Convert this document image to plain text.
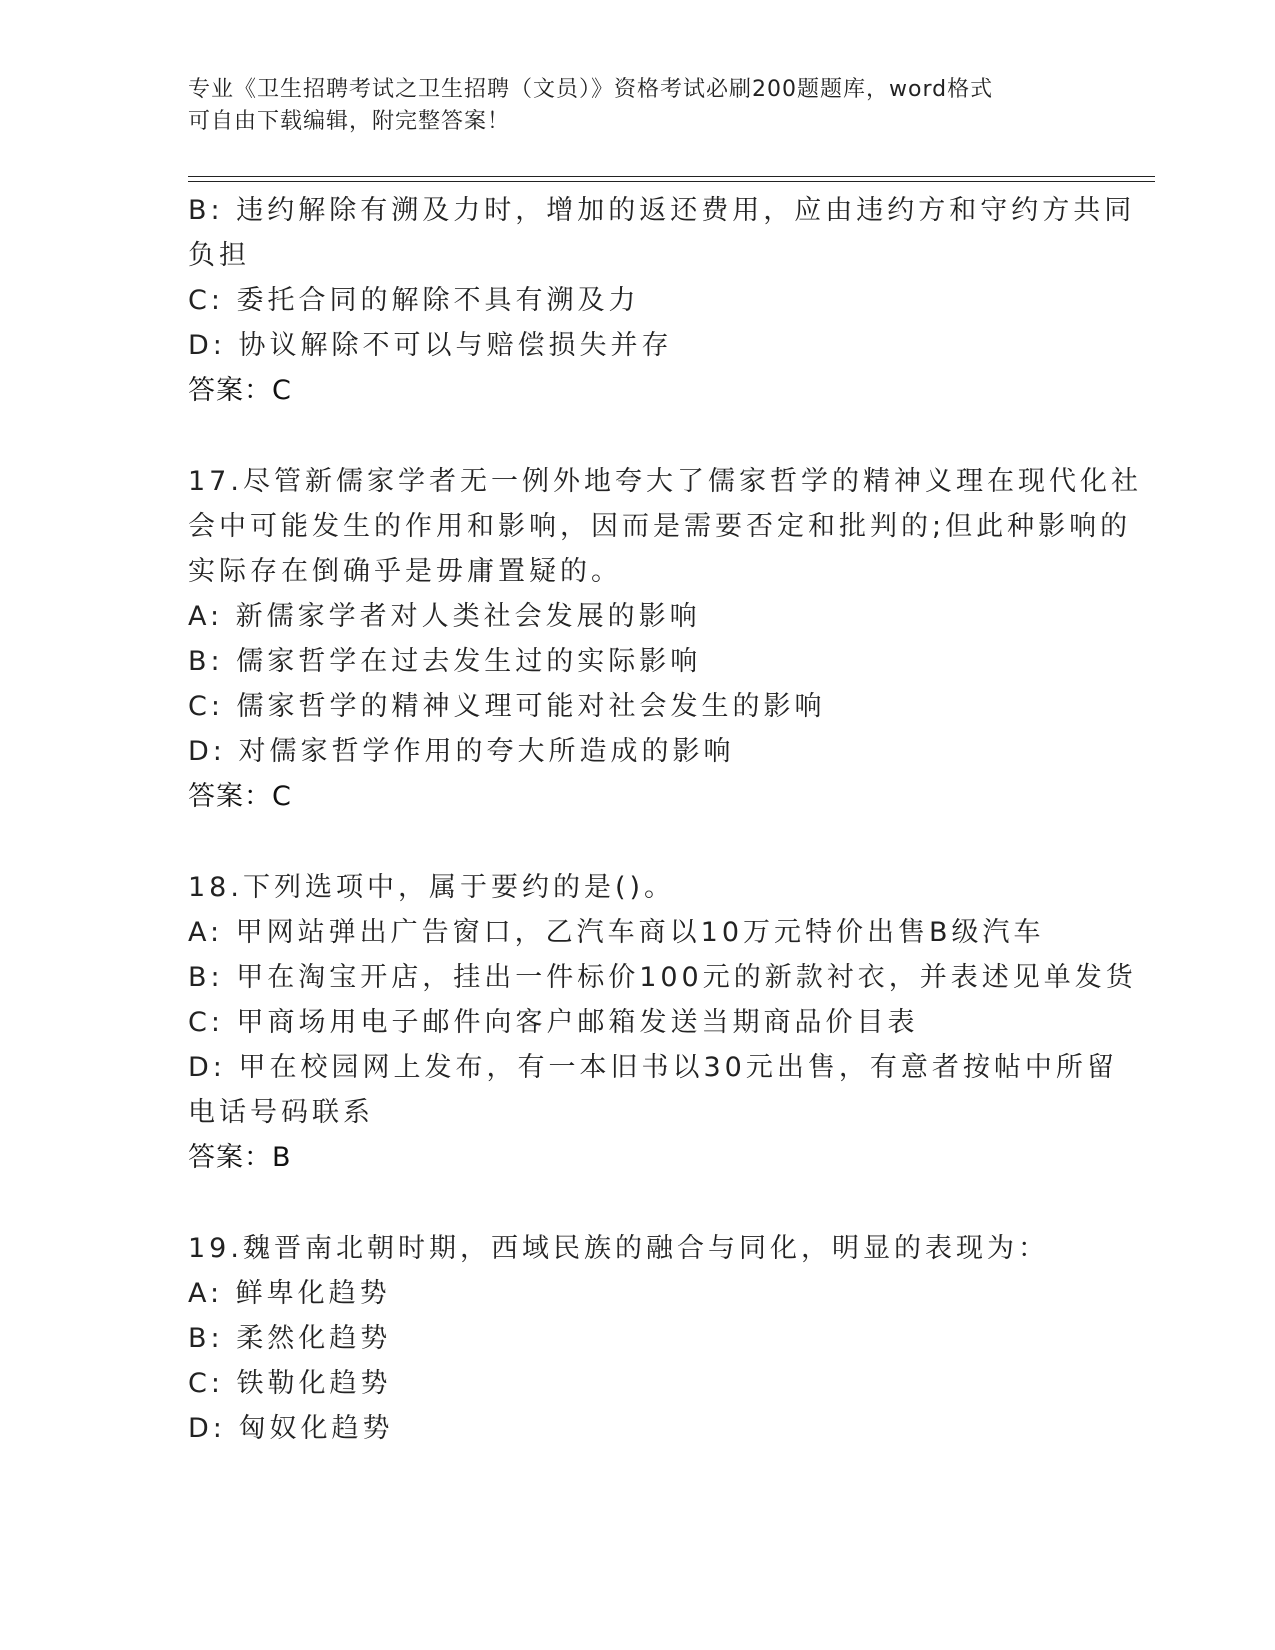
专业《卫生招聘考试之卫生招聘（文员）》资格考试必刷200题题库，word格式
可自由下载编辑，附完整答案！
B: 违约解除有溯及力时，增加的返还费用，应由违约方和守约方共同
负担
C: 委托合同的解除不具有溯及力
D: 协议解除不可以与赔偿损失并存
答案：C
17.尽管新儒家学者无一例外地夸大了儒家哲学的精神义理在现代化社
会中可能发生的作用和影响，因而是需要否定和批判的;但此种影响的
实际存在倒确乎是毋庸置疑的。
A: 新儒家学者对人类社会发展的影响
B: 儒家哲学在过去发生过的实际影响
C: 儒家哲学的精神义理可能对社会发生的影响
D: 对儒家哲学作用的夸大所造成的影响
答案：C
18.下列选项中，属于要约的是()。
A: 甲网站弹出广告窗口，乙汽车商以10万元特价出售B级汽车
B: 甲在淘宝开店，挂出一件标价100元的新款衬衣，并表述见单发货
C: 甲商场用电子邮件向客户邮箱发送当期商品价目表
D: 甲在校园网上发布，有一本旧书以30元出售，有意者按帖中所留
电话号码联系
答案：B
19.魏晋南北朝时期，西域民族的融合与同化，明显的表现为：
A: 鲜卑化趋势
B: 柔然化趋势
C: 铁勒化趋势
D: 匈奴化趋势
